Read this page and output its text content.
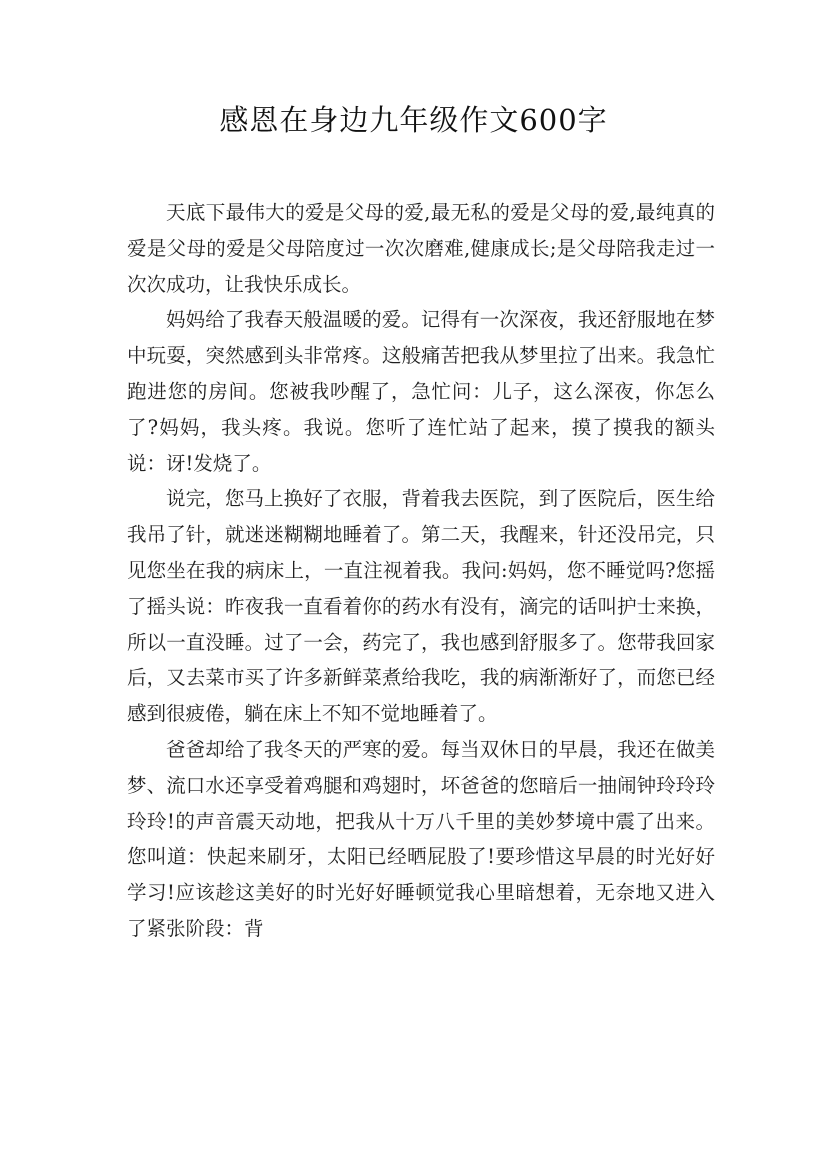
感恩在身边九年级作文600字

天底下最伟大的爱是父母的爱,最无私的爱是父母的爱,最纯真的爱是父母的爱是父母陪度过一次次磨难,健康成长;是父母陪我走过一次次成功，让我快乐成长。

妈妈给了我春天般温暖的爱。记得有一次深夜，我还舒服地在梦中玩耍，突然感到头非常疼。这般痛苦把我从梦里拉了出来。我急忙跑进您的房间。您被我吵醒了，急忙问：儿子，这么深夜，你怎么了?妈妈，我头疼。我说。您听了连忙站了起来，摸了摸我的额头说：讶!发烧了。

说完，您马上换好了衣服，背着我去医院，到了医院后，医生给我吊了针，就迷迷糊糊地睡着了。第二天，我醒来，针还没吊完，只见您坐在我的病床上，一直注视着我。我问:妈妈，您不睡觉吗?您摇了摇头说：昨夜我一直看着你的药水有没有，滴完的话叫护士来换，所以一直没睡。过了一会，药完了，我也感到舒服多了。您带我回家后，又去菜市买了许多新鲜菜煮给我吃，我的病渐渐好了，而您已经感到很疲倦，躺在床上不知不觉地睡着了。

爸爸却给了我冬天的严寒的爱。每当双休日的早晨，我还在做美梦、流口水还享受着鸡腿和鸡翅时，坏爸爸的您暗后一抽闹钟玲玲玲玲玲!的声音震天动地，把我从十万八千里的美妙梦境中震了出来。您叫道：快起来刷牙，太阳已经晒屁股了!要珍惜这早晨的时光好好学习!应该趁这美好的时光好好睡顿觉我心里暗想着，无奈地又进入了紧张阶段：背
